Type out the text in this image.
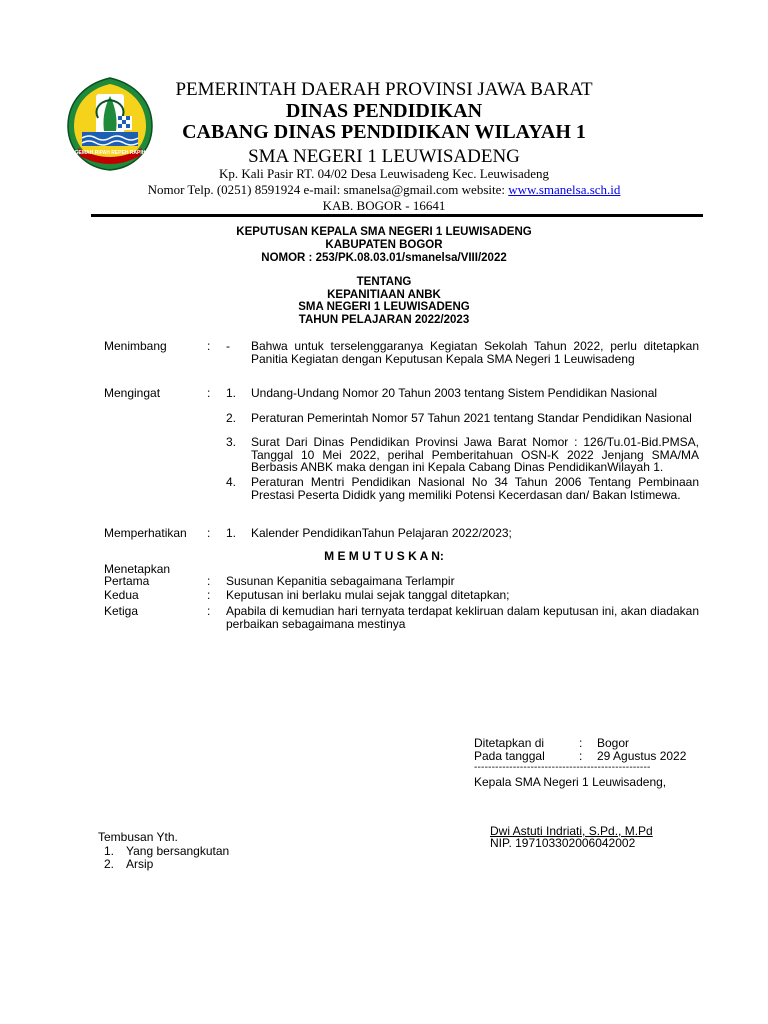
GEMAH RIPAH REPEH RAPIH
PEMERINTAH DAERAH PROVINSI JAWA BARAT
DINAS PENDIDIKAN
CABANG DINAS PENDIDIKAN WILAYAH 1
SMA NEGERI 1 LEUWISADENG
Kp. Kali Pasir RT. 04/02 Desa Leuwisadeng Kec. Leuwisadeng
Nomor Telp. (0251) 8591924 e-mail: smanelsa@gmail.com website: www.smanelsa.sch.id
KAB. BOGOR - 16641
KEPUTUSAN KEPALA SMA NEGERI 1 LEUWISADENG
KABUPATEN BOGOR
NOMOR : 253/PK.08.03.01/smanelsa/VIII/2022
TENTANG
KEPANITIAAN ANBK
SMA NEGERI 1 LEUWISADENG
TAHUN PELAJARAN 2022/2023
Menimbang	: - Bahwa untuk terselenggaranya Kegiatan Sekolah Tahun 2022, perlu ditetapkan Panitia Kegiatan dengan Keputusan Kepala SMA Negeri 1 Leuwisadeng
Mengingat	: 1. Undang-Undang Nomor 20 Tahun 2003 tentang Sistem Pendidikan Nasional
2. Peraturan Pemerintah Nomor 57 Tahun 2021 tentang Standar Pendidikan Nasional
3. Surat Dari Dinas Pendidikan Provinsi Jawa Barat Nomor : 126/Tu.01-Bid.PMSA, Tanggal 10 Mei 2022, perihal Pemberitahuan OSN-K 2022 Jenjang SMA/MA Berbasis ANBK maka dengan ini Kepala Cabang Dinas PendidikanWilayah 1.
4. Peraturan Mentri Pendidikan Nasional No 34 Tahun 2006 Tentang Pembinaan Prestasi Peserta Dididk yang memiliki Potensi Kecerdasan dan/ Bakan Istimewa.
Memperhatikan : 1. Kalender PendidikanTahun Pelajaran 2022/2023;
M E M U T U S K A N:
Menetapkan
Pertama	: Susunan Kepanitia sebagaimana Terlampir
Kedua	: Keputusan ini berlaku mulai sejak tanggal ditetapkan;
Ketiga	: Apabila di kemudian hari ternyata terdapat kekliruan dalam keputusan ini, akan diadakan perbaikan sebagaimana mestinya
Ditetapkan di	: Bogor
Pada tanggal	: 29 Agustus 2022
--------------------------------------------------
Kepala SMA Negeri 1 Leuwisadeng,
Dwi Astuti Indriati, S.Pd., M.Pd
NIP. 197103302006042002
Tembusan Yth.
1. Yang bersangkutan
2. Arsip
